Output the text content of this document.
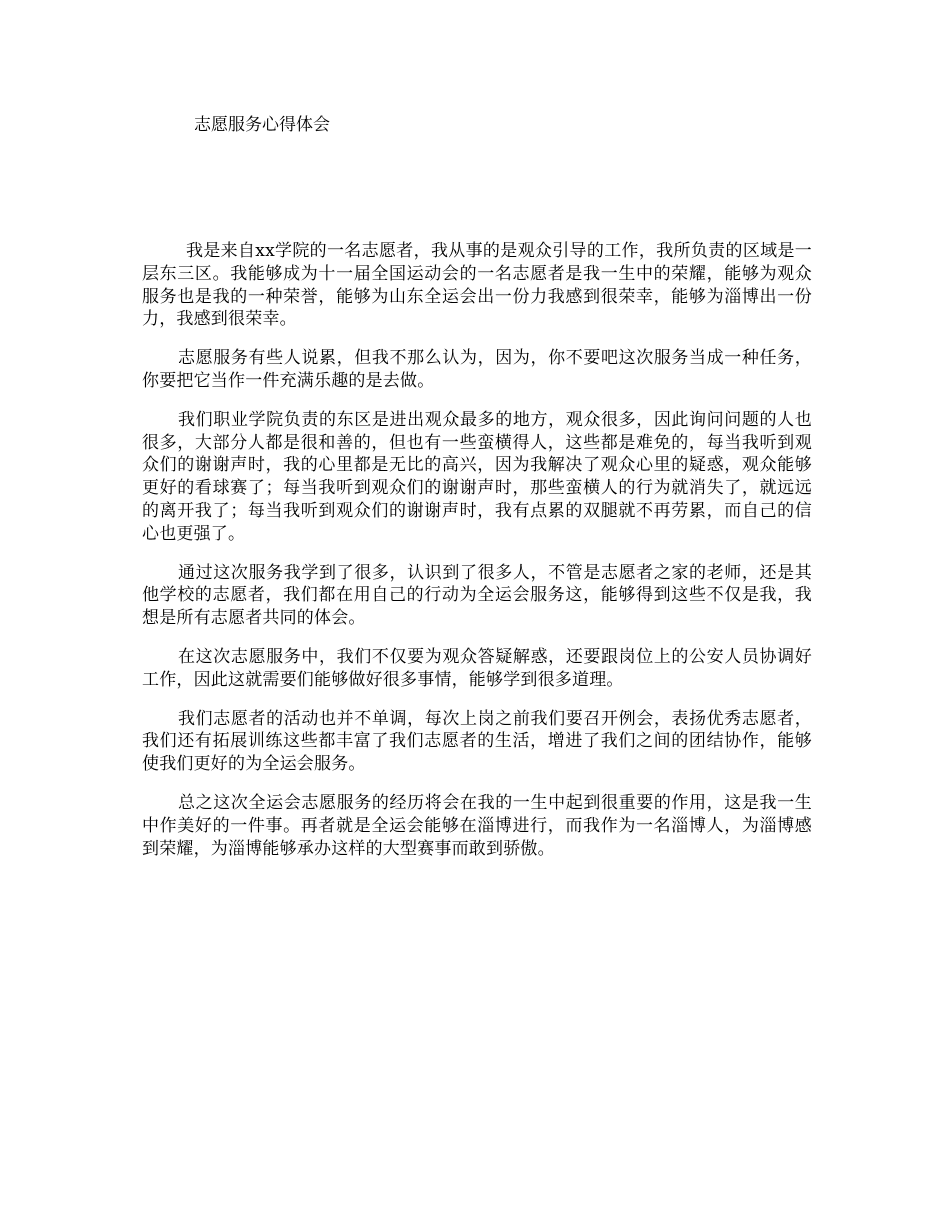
志愿服务心得体会

我是来自xx学院的一名志愿者，我从事的是观众引导的工作，我所负责的区域是一层东三区。我能够成为十一届全国运动会的一名志愿者是我一生中的荣耀，能够为观众服务也是我的一种荣誉，能够为山东全运会出一份力我感到很荣幸，能够为淄博出一份力，我感到很荣幸。

志愿服务有些人说累，但我不那么认为，因为，你不要吧这次服务当成一种任务，你要把它当作一件充满乐趣的是去做。

我们职业学院负责的东区是进出观众最多的地方，观众很多，因此询问问题的人也很多，大部分人都是很和善的，但也有一些蛮横得人，这些都是难免的，每当我听到观众们的谢谢声时，我的心里都是无比的高兴，因为我解决了观众心里的疑惑，观众能够更好的看球赛了；每当我听到观众们的谢谢声时，那些蛮横人的行为就消失了，就远远的离开我了；每当我听到观众们的谢谢声时，我有点累的双腿就不再劳累，而自己的信心也更强了。

通过这次服务我学到了很多，认识到了很多人，不管是志愿者之家的老师，还是其他学校的志愿者，我们都在用自己的行动为全运会服务这，能够得到这些不仅是我，我想是所有志愿者共同的体会。

在这次志愿服务中，我们不仅要为观众答疑解惑，还要跟岗位上的公安人员协调好工作，因此这就需要们能够做好很多事情，能够学到很多道理。

我们志愿者的活动也并不单调，每次上岗之前我们要召开例会，表扬优秀志愿者，我们还有拓展训练这些都丰富了我们志愿者的生活，增进了我们之间的团结协作，能够使我们更好的为全运会服务。

总之这次全运会志愿服务的经历将会在我的一生中起到很重要的作用，这是我一生中作美好的一件事。再者就是全运会能够在淄博进行，而我作为一名淄博人，为淄博感到荣耀，为淄博能够承办这样的大型赛事而敢到骄傲。
